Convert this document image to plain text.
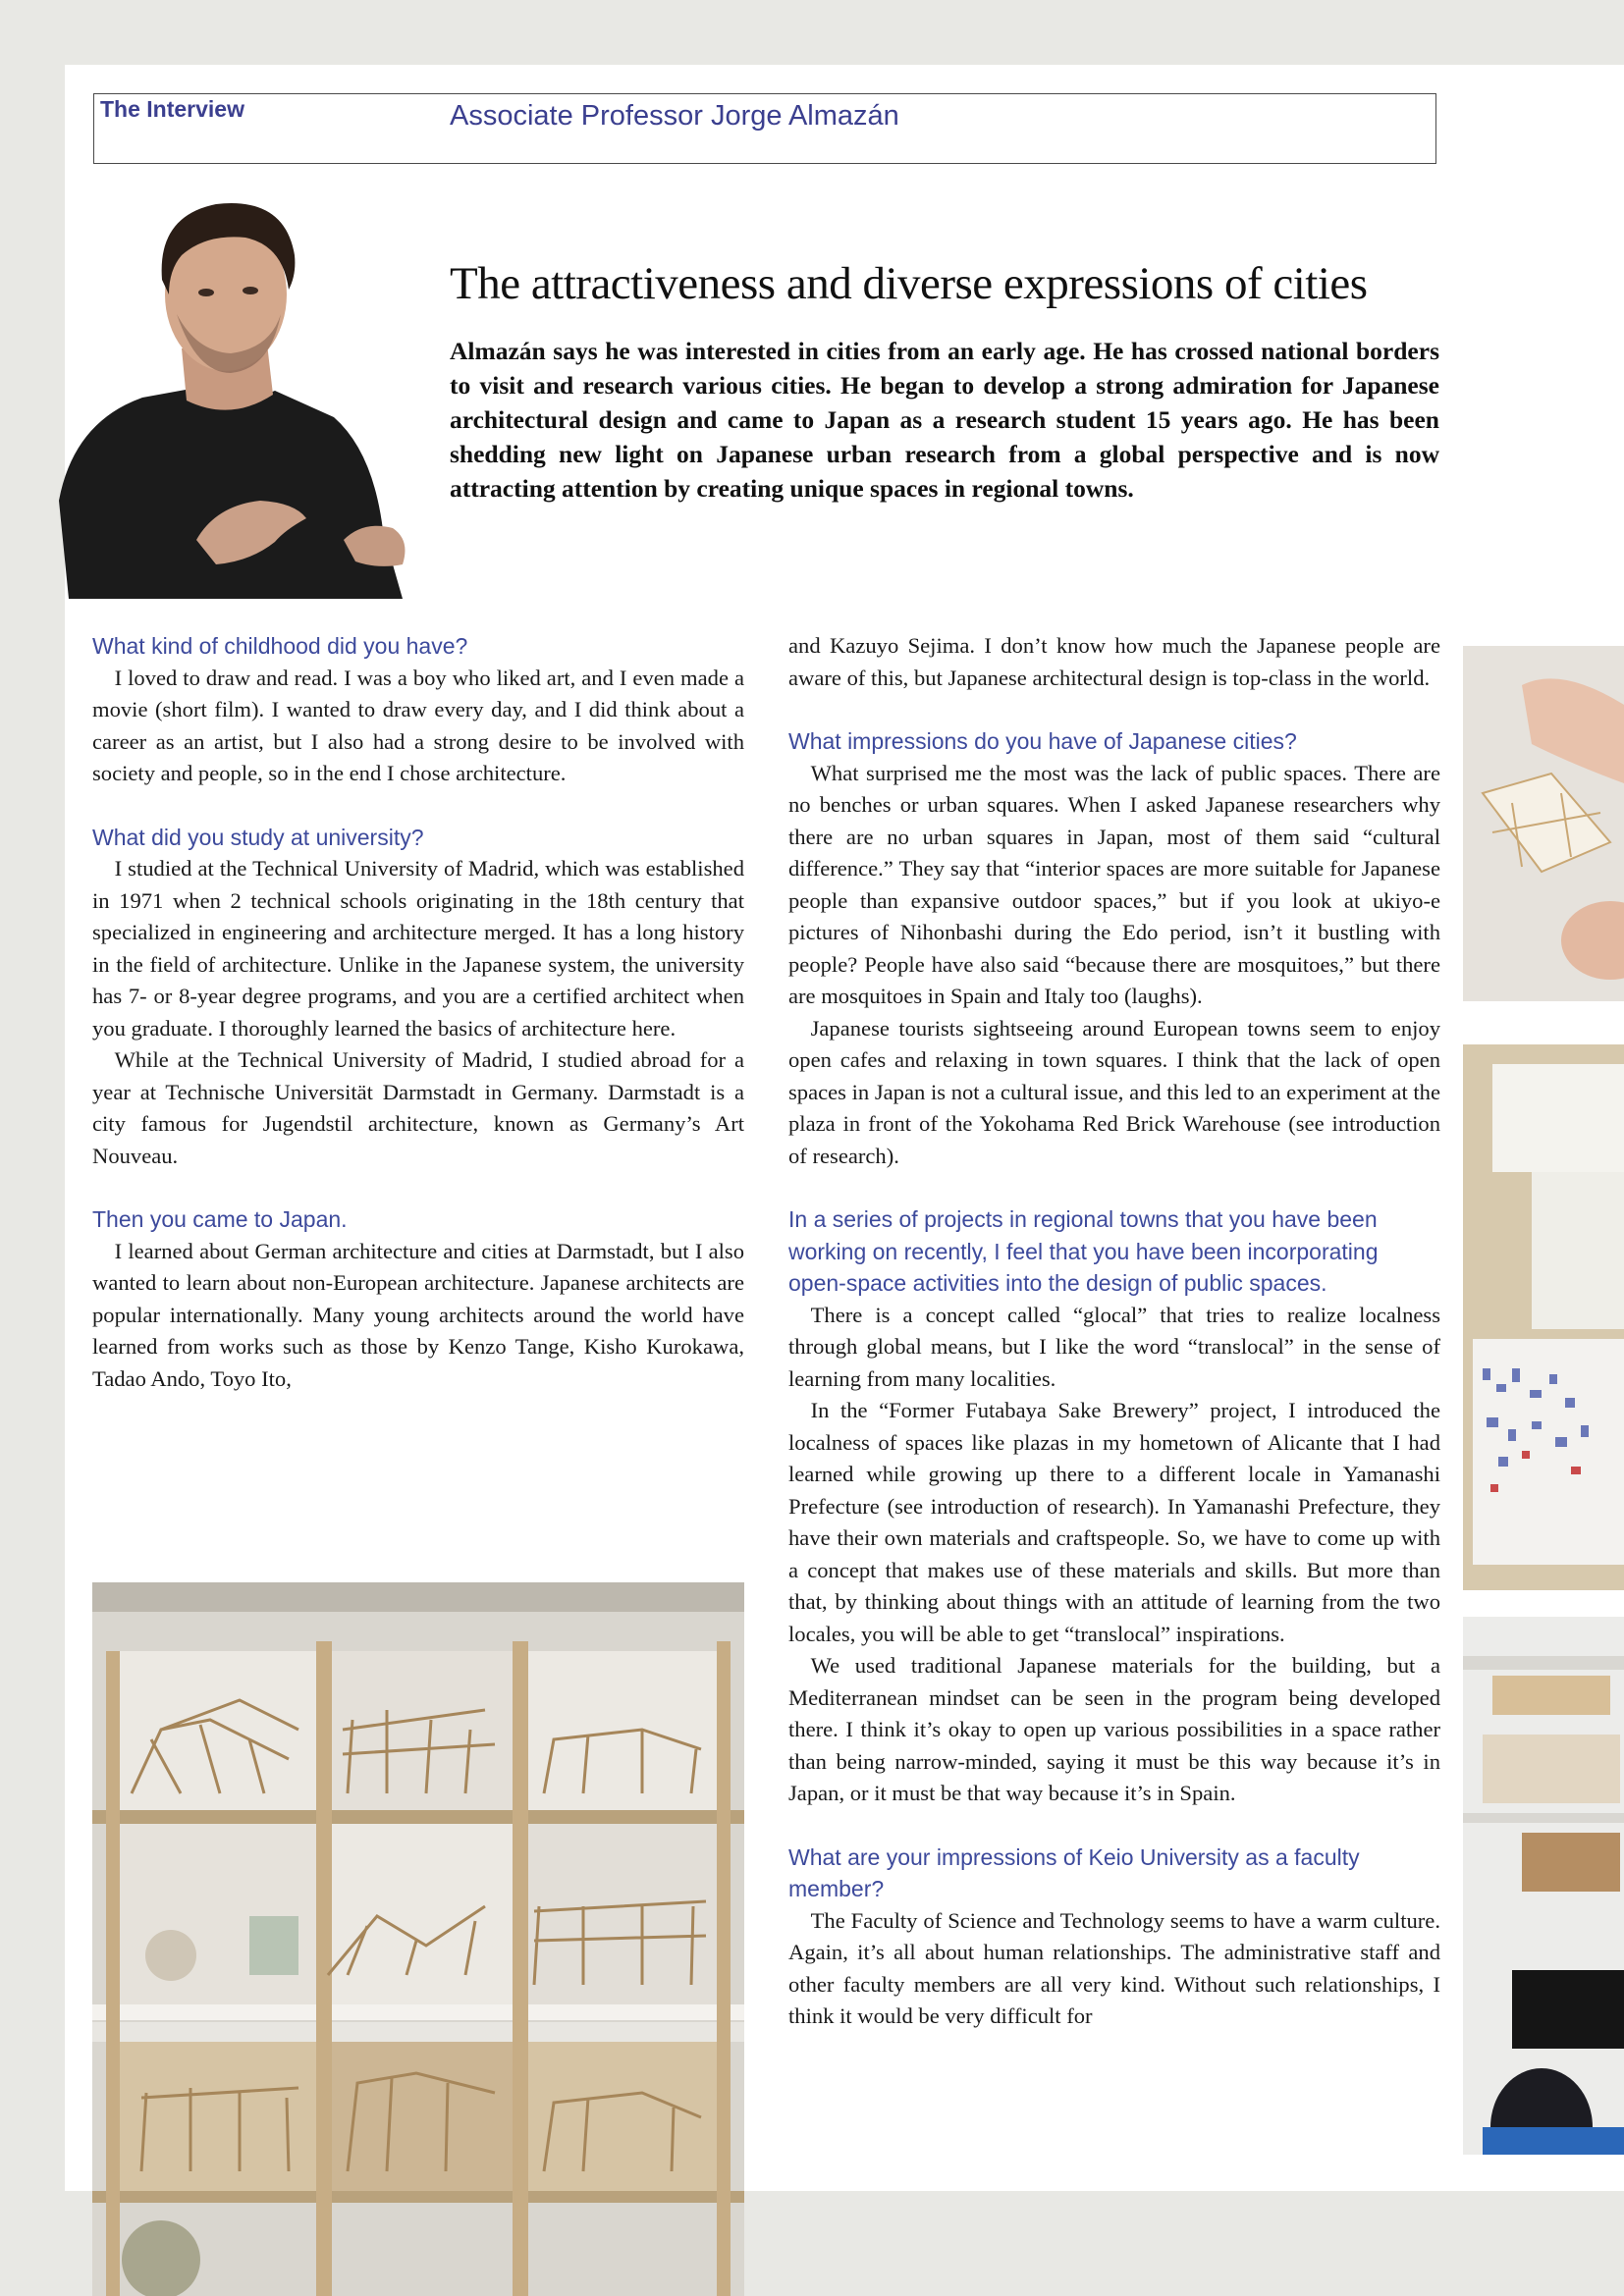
The Interview	Associate Professor Jorge Almazán
The attractiveness and diverse expressions of cities
Almazán says he was interested in cities from an early age. He has crossed national borders to visit and research various cities. He began to develop a strong admiration for Japanese architectural design and came to Japan as a research student 15 years ago. He has been shedding new light on Japanese urban research from a global perspective and is now attracting attention by creating unique spaces in regional towns.

What kind of childhood did you have?

I loved to draw and read. I was a boy who liked art, and I even made a movie (short film). I wanted to draw every day, and I did think about a career as an artist, but I also had a strong desire to be involved with society and people, so in the end I chose architecture.

What did you study at university?

I studied at the Technical University of Madrid, which was established in 1971 when 2 technical schools originating in the 18th century that specialized in engineering and architecture merged. It has a long history in the field of architecture. Unlike in the Japanese system, the university has 7- or 8-year degree programs, and you are a certified architect when you graduate. I thoroughly learned the basics of architecture here.

While at the Technical University of Madrid, I studied abroad for a year at Technische Universität Darmstadt in Germany. Darmstadt is a city famous for Jugendstil architecture, known as Germany’s Art Nouveau.

Then you came to Japan.

I learned about German architecture and cities at Darmstadt, but I also wanted to learn about non-European architecture. Japanese architects are popular internationally. Many young architects around the world have learned from works such as those by Kenzo Tange, Kisho Kurokawa, Tadao Ando, Toyo Ito,

and Kazuyo Sejima. I don’t know how much the Japanese people are aware of this, but Japanese architectural design is top-class in the world.

What impressions do you have of Japanese cities?

What surprised me the most was the lack of public spaces. There are no benches or urban squares. When I asked Japanese researchers why there are no urban squares in Japan, most of them said “cultural difference.” They say that “interior spaces are more suitable for Japanese people than expansive outdoor spaces,” but if you look at ukiyo-e pictures of Nihonbashi during the Edo period, isn’t it bustling with people? People have also said “because there are mosquitoes,” but there are mosquitoes in Spain and Italy too (laughs).

Japanese tourists sightseeing around European towns seem to enjoy open cafes and relaxing in town squares. I think that the lack of open spaces in Japan is not a cultural issue, and this led to an experiment at the plaza in front of the Yokohama Red Brick Warehouse (see introduction of research).

In a series of projects in regional towns that you have been working on recently, I feel that you have been incorporating open-space activities into the design of public spaces.

There is a concept called “glocal” that tries to realize localness through global means, but I like the word “translocal” in the sense of learning from many localities.

In the “Former Futabaya Sake Brewery” project, I introduced the localness of spaces like plazas in my hometown of Alicante that I had learned while growing up there to a different locale in Yamanashi Prefecture (see introduction of research). In Yamanashi Prefecture, they have their own materials and craftspeople. So, we have to come up with a concept that makes use of these materials and skills. But more than that, by thinking about things with an attitude of learning from the two locales, you will be able to get “translocal” inspirations.

We used traditional Japanese materials for the building, but a Mediterranean mindset can be seen in the program being developed there. I think it’s okay to open up various possibilities in a space rather than being narrow-minded, saying it must be this way because it’s in Japan, or it must be that way because it’s in Spain.

What are your impressions of Keio University as a faculty member?

The Faculty of Science and Technology seems to have a warm culture. Again, it’s all about human relationships. The administrative staff and other faculty members are all very kind. Without such relationships, I think it would be very difficult for
